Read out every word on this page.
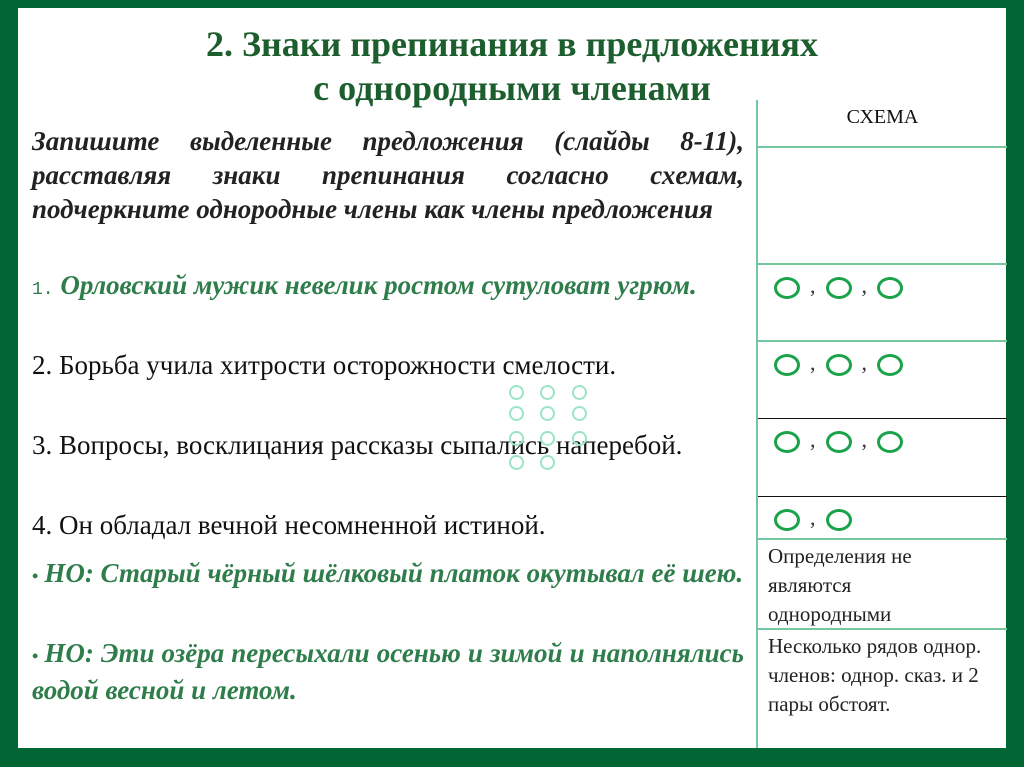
2. Знаки препинания в предложениях
с однородными членами
Запишите выделенные предложения (слайды 8-11), расставляя знаки препинания согласно схемам, подчеркните однородные члены как члены предложения
1. Орловский мужик невелик ростом сутуловат угрюм.
2. Борьба учила хитрости осторожности смелости.
3. Вопросы, восклицания рассказы сыпались наперебой.
4. Он обладал вечной несомненной истиной.
• НО: Старый чёрный шёлковый платок окутывал её шею.
• НО: Эти озёра пересыхали осенью и зимой и наполнялись водой весной и летом.
СХЕМА
, ,
, ,
, ,
,
Определения не являются однородными
Несколько рядов однор. членов: однор. сказ. и 2 пары обстоят.
